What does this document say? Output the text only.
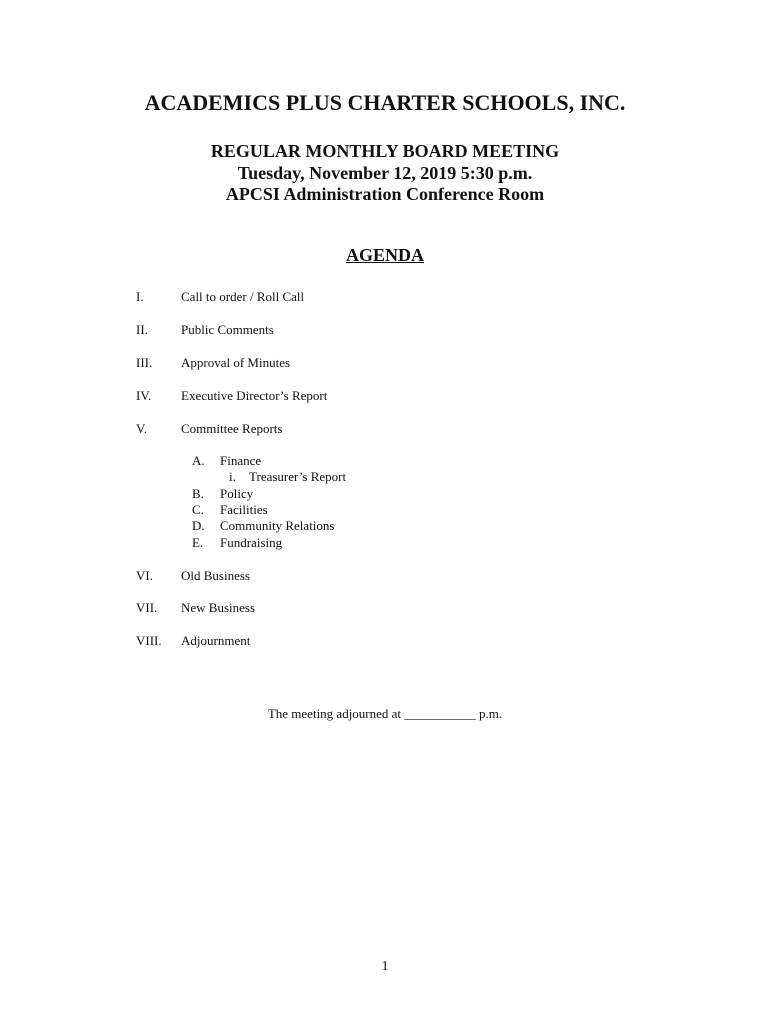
ACADEMICS PLUS CHARTER SCHOOLS, INC.
REGULAR MONTHLY BOARD MEETING
Tuesday, November 12, 2019 5:30 p.m.
APCSI Administration Conference Room
AGENDA
I.	Call to order / Roll Call
II.	Public Comments
III. Approval of Minutes
IV. Executive Director’s Report
V.	Committee Reports
A. Finance
i. Treasurer’s Report
B. Policy
C. Facilities
D. Community Relations
E. Fundraising
VI. Old Business
VII. New Business
VIII. Adjournment
The meeting adjourned at ___________ p.m.
1
